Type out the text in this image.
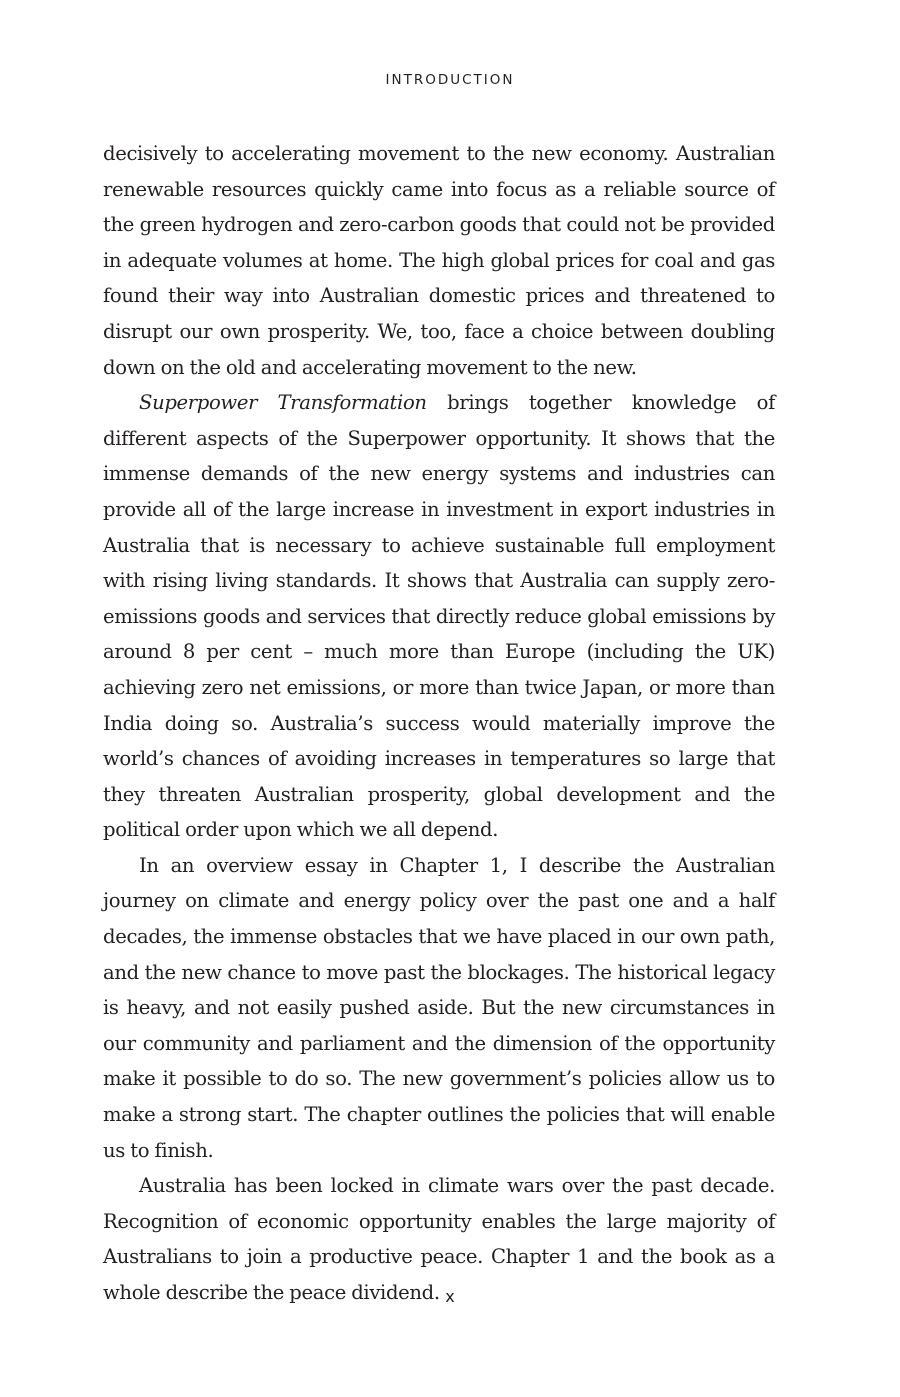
INTRODUCTION

decisively to accelerating movement to the new economy. Australian renewable resources quickly came into focus as a reliable source of the green hydrogen and zero-carbon goods that could not be provided in adequate volumes at home. The high global prices for coal and gas found their way into Australian domestic prices and threatened to disrupt our own prosperity. We, too, face a choice between doubling down on the old and accelerating movement to the new.

Superpower Transformation brings together knowledge of different aspects of the Superpower opportunity. It shows that the immense demands of the new energy systems and industries can provide all of the large increase in investment in export industries in Australia that is necessary to achieve sustainable full employment with rising living standards. It shows that Australia can supply zero-emissions goods and services that directly reduce global emissions by around 8 per cent – much more than Europe (including the UK) achieving zero net emissions, or more than twice Japan, or more than India doing so. Australia’s success would materially improve the world’s chances of avoiding increases in temperatures so large that they threaten Australian prosperity, global development and the political order upon which we all depend.

In an overview essay in Chapter 1, I describe the Australian journey on climate and energy policy over the past one and a half decades, the immense obstacles that we have placed in our own path, and the new chance to move past the blockages. The historical legacy is heavy, and not easily pushed aside. But the new circumstances in our community and parliament and the dimension of the opportunity make it possible to do so. The new government’s policies allow us to make a strong start. The chapter outlines the policies that will enable us to finish.

Australia has been locked in climate wars over the past decade. Recognition of economic opportunity enables the large majority of Australians to join a productive peace. Chapter 1 and the book as a whole describe the peace dividend. x
